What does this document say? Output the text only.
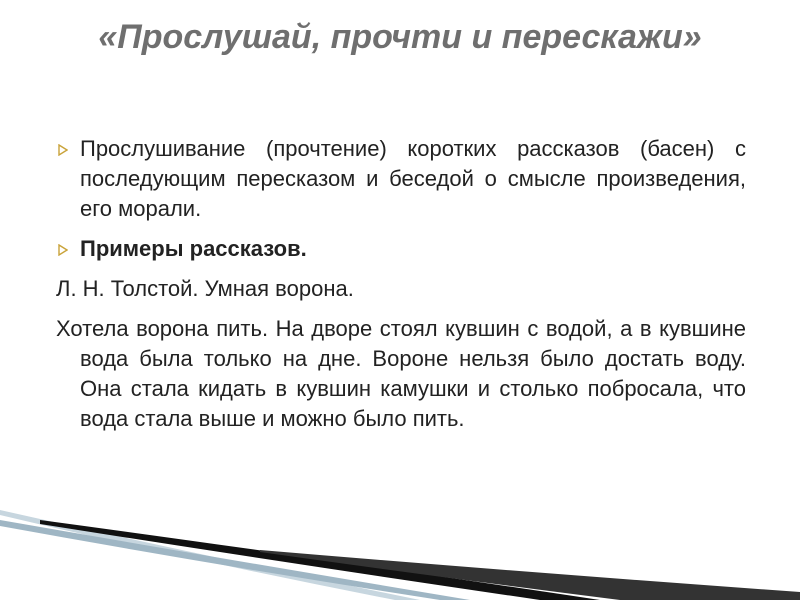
«Прослушай, прочти и перескажи»
Прослушивание (прочтение) коротких рассказов (басен) с последующим пересказом и беседой о смысле произведения, его морали.
Примеры рассказов.
Л. Н. Толстой. Умная ворона.
Хотела ворона пить. На дворе стоял кувшин с водой, а в кувшине вода была только на дне. Вороне нельзя было достать воду. Она стала кидать в кувшин камушки и столько побросала, что вода стала выше и можно было пить.
